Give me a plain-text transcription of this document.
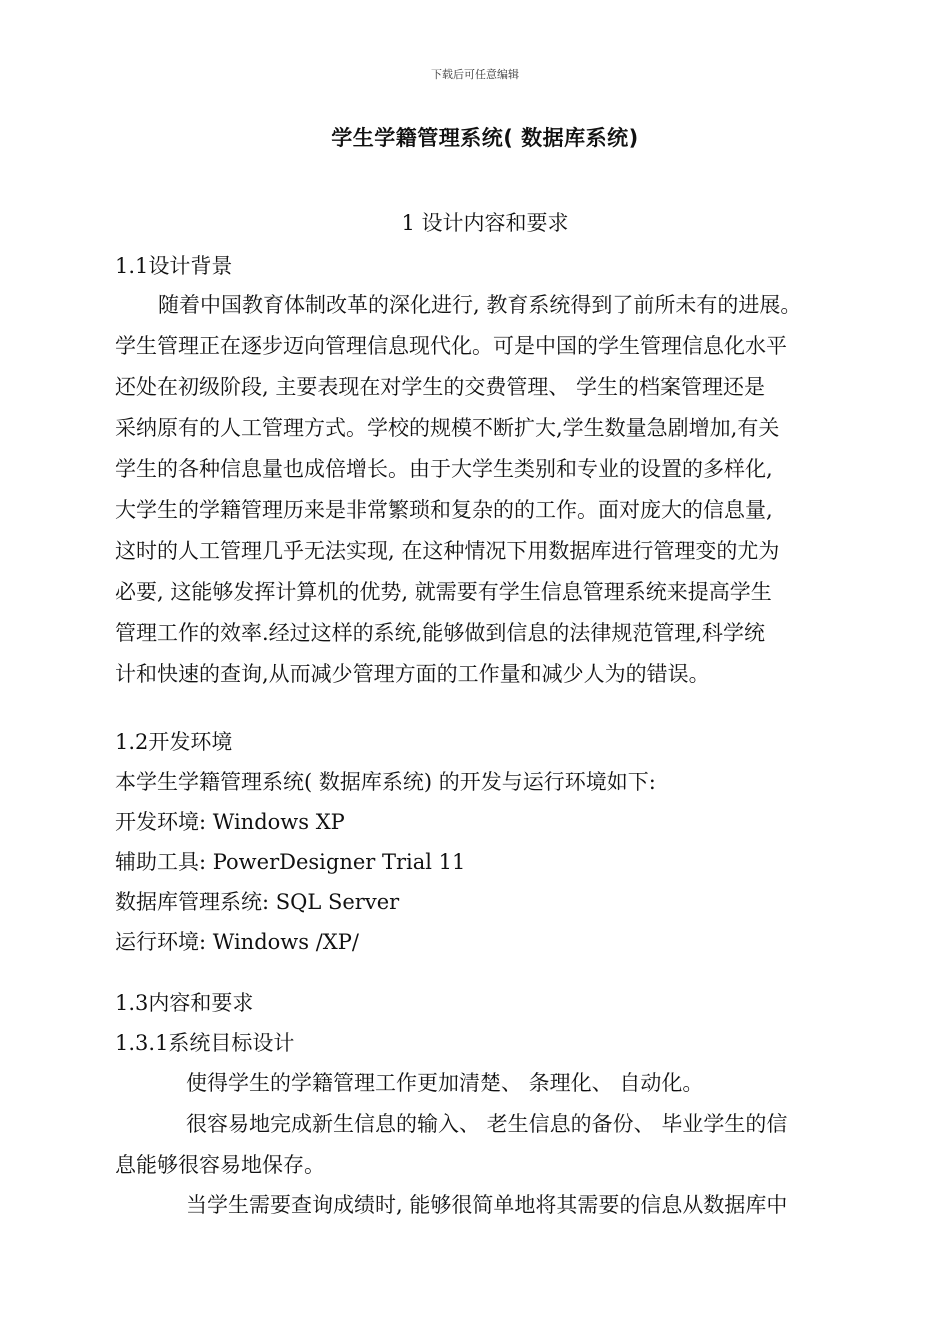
下载后可任意编辑
学生学籍管理系统( 数据库系统)
1 设计内容和要求
1.1设计背景
随着中国教育体制改革的深化进行, 教育系统得到了前所未有的进展。
学生管理正在逐步迈向管理信息现代化。可是中国的学生管理信息化水平
还处在初级阶段, 主要表现在对学生的交费管理、 学生的档案管理还是
采纳原有的人工管理方式。学校的规模不断扩大,学生数量急剧增加,有关
学生的各种信息量也成倍增长。由于大学生类别和专业的设置的多样化,
大学生的学籍管理历来是非常繁琐和复杂的的工作。面对庞大的信息量,
这时的人工管理几乎无法实现, 在这种情况下用数据库进行管理变的尤为
必要, 这能够发挥计算机的优势, 就需要有学生信息管理系统来提高学生
管理工作的效率.经过这样的系统,能够做到信息的法律规范管理,科学统
计和快速的查询,从而减少管理方面的工作量和减少人为的错误。
1.2开发环境
本学生学籍管理系统( 数据库系统) 的开发与运行环境如下:
开发环境: Windows XP
辅助工具: PowerDesigner Trial 11
数据库管理系统: SQL Server
运行环境: Windows /XP/
1.3内容和要求
1.3.1系统目标设计
使得学生的学籍管理工作更加清楚、 条理化、 自动化。
很容易地完成新生信息的输入、 老生信息的备份、 毕业学生的信
息能够很容易地保存。
当学生需要查询成绩时, 能够很简单地将其需要的信息从数据库中
